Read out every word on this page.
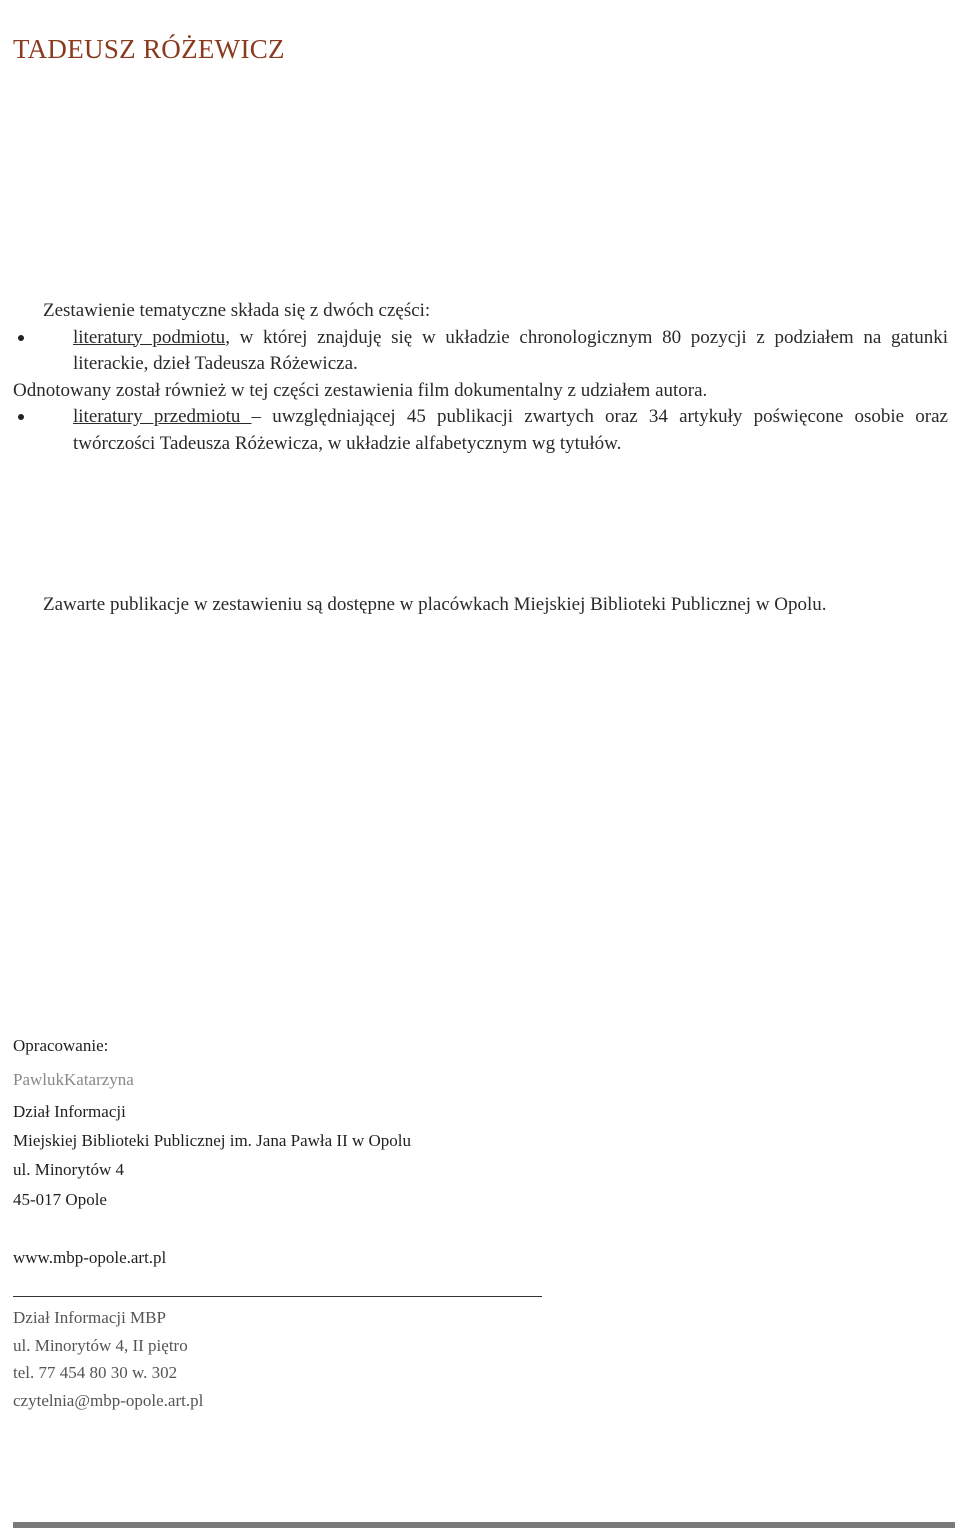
TADEUSZ RÓŻEWICZ
Zestawienie tematyczne składa się z dwóch części:
literatury podmiotu, w której znajduję się w układzie chronologicznym 80 pozycji z podziałem na gatunki literackie, dzieł Tadeusza Różewicza.
Odnotowany został również w tej części zestawienia film dokumentalny z udziałem autora.
literatury przedmiotu – uwzględniającej 45 publikacji zwartych oraz 34 artykuły poświęcone osobie oraz twórczości Tadeusza Różewicza, w układzie alfabetycznym wg tytułów.
Zawarte publikacje w zestawieniu są dostępne w placówkach Miejskiej Biblioteki Publicznej w Opolu.
Opracowanie:
PawlukKatarzyna
Dział Informacji
Miejskiej Biblioteki Publicznej im. Jana Pawła II w Opolu
ul. Minorytów 4
45-017 Opole
www.mbp-opole.art.pl
Dział Informacji MBP
ul. Minorytów 4, II piętro
tel. 77 454 80 30 w. 302
czytelnia@mbp-opole.art.pl
